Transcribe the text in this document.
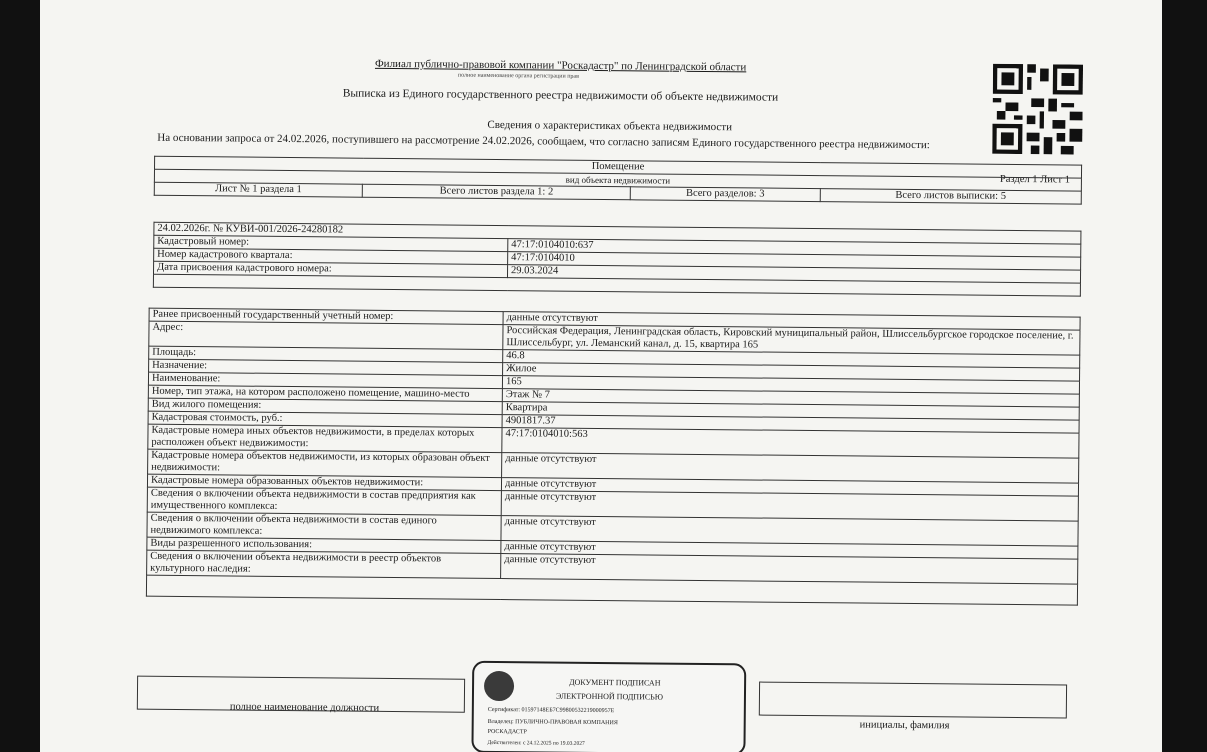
Филиал публично-правовой компании "Роскадастр" по Ленинградской области
полное наименование органа регистрации прав
Выписка из Единого государственного реестра недвижимости об объекте недвижимости
Сведения о характеристиках объекта недвижимости
На основании запроса от 24.02.2026, поступившего на рассмотрение 24.02.2026, сообщаем, что согласно записям Единого государственного реестра недвижимости:
Раздел 1 Лист 1
Помещение
вид объекта недвижимости
Лист № 1 раздела 1	Всего листов раздела 1: 2	Всего разделов: 3	Всего листов выписки: 5
24.02.2026г. № КУВИ-001/2026-24280182	
Кадастровый номер:	47:17:0104010:637
Номер кадастрового квартала:	47:17:0104010
Дата присвоения кадастрового номера:	29.03.2024

Ранее присвоенный государственный учетный номер:	данные отсутствуют
Адрес:	Российская Федерация, Ленинградская область, Кировский муниципальный район, Шлиссельбургское городское поселение, г. Шлиссельбург, ул. Леманский канал, д. 15, квартира 165
Площадь:	46.8
Назначение:	Жилое
Наименование:	165
Номер, тип этажа, на котором расположено помещение, машино-место	Этаж № 7
Вид жилого помещения:	Квартира
Кадастровая стоимость, руб.:	4901817.37
Кадастровые номера иных объектов недвижимости, в пределах которых расположен объект недвижимости:	47:17:0104010:563
Кадастровые номера объектов недвижимости, из которых образован объект недвижимости:	данные отсутствуют
Кадастровые номера образованных объектов недвижимости:	данные отсутствуют
Сведения о включении объекта недвижимости в состав предприятия как имущественного комплекса:	данные отсутствуют
Сведения о включении объекта недвижимости в состав единого недвижимого комплекса:	данные отсутствуют
Виды разрешенного использования:	данные отсутствуют
Сведения о включении объекта недвижимости в реестр объектов культурного наследия:	данные отсутствуют

полное наименование должности
инициалы, фамилия
ДОКУМЕНТ ПОДПИСАН
ЭЛЕКТРОННОЙ ПОДПИСЬЮ
Сертификат: 01597148ЕБ7С99800532219000957Е
Владелец: ПУБЛИЧНО-ПРАВОВАЯ КОМПАНИЯ
РОСКАДАСТР
Действителен: с 24.12.2025 по 19.03.2027
